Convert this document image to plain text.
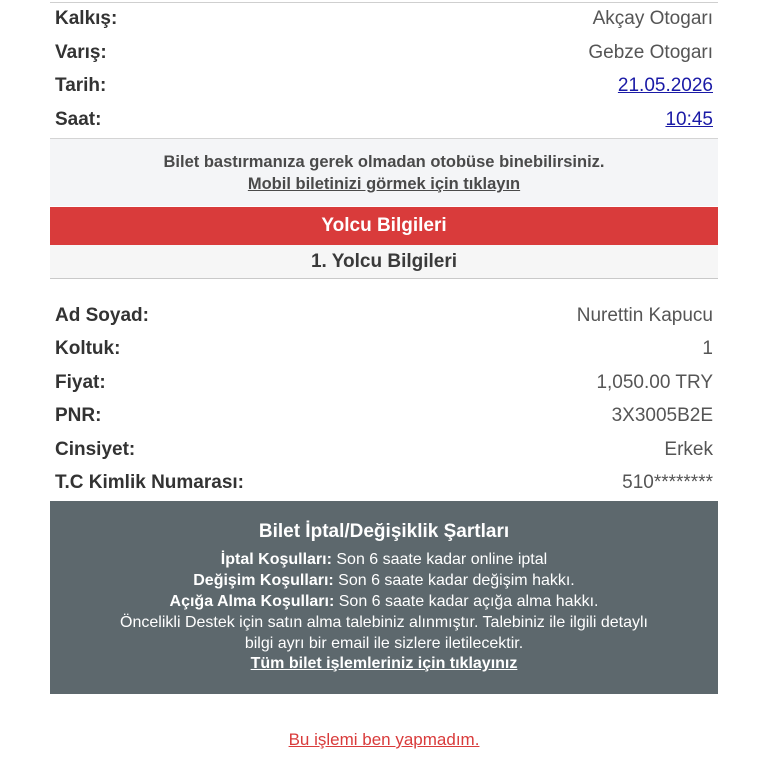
Kalkış:	Akçay Otogarı
Varış:	Gebze Otogarı
Tarih:	21.05.2026
Saat:	10:45
Bilet bastırmanıza gerek olmadan otobüse binebilirsiniz.
Mobil biletinizi görmek için tıklayın
Yolcu Bilgileri
1. Yolcu Bilgileri
Ad Soyad:	Nurettin Kapucu
Koltuk:	1
Fiyat:	1,050.00 TRY
PNR:	3X3005B2E
Cinsiyet:	Erkek
T.C Kimlik Numarası:	510********
Bilet İptal/Değişiklik Şartları
İptal Koşulları: Son 6 saate kadar online iptal
Değişim Koşulları: Son 6 saate kadar değişim hakkı.
Açığa Alma Koşulları: Son 6 saate kadar açığa alma hakkı.
Öncelikli Destek için satın alma talebiniz alınmıştır. Talebiniz ile ilgili detaylı
bilgi ayrı bir email ile sizlere iletilecektir.
Tüm bilet işlemleriniz için tıklayınız
Bu işlemi ben yapmadım.
